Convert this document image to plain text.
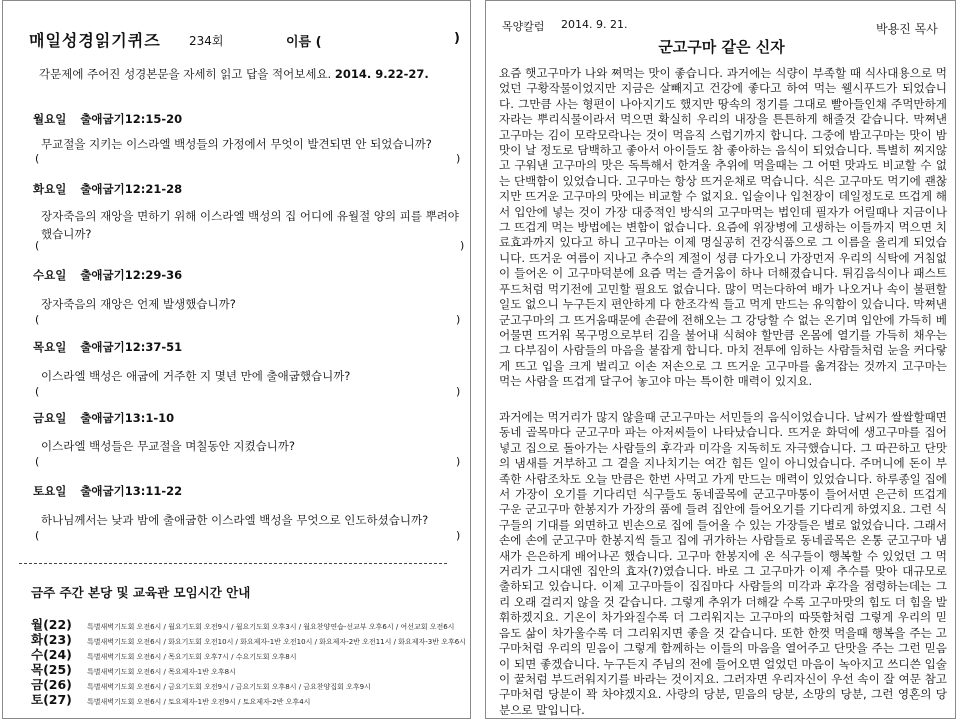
매일성경읽기퀴즈 234회	이름 (	)
각문제에 주어진 성경본문을 자세히 읽고 답을 적어보세요. 2014. 9.22-27.
월요일 출애굽기12:15-20
무교절을 지키는 이스라엘 백성들의 가정에서 무엇이 발견되면 안 되었습니까?
(	)
화요일 출애굽기12:21-28
장자죽음의 재앙을 면하기 위해 이스라엘 백성의 집 어디에 유월절 양의 피를 뿌려야했습니까?
(	)
수요일 출애굽기12:29-36
장자죽음의 재앙은 언제 발생했습니까?
(	)
목요일 출애굽기12:37-51
이스라엘 백성은 애굽에 거주한 지 몇년 만에 출애굽했습니까?
(	)
금요일 출애굽기13:1-10
이스라엘 백성들은 무교절을 며칠동안 지켰습니까?
(	)
토요일 출애굽기13:11-22
하나님께서는 낮과 밤에 출애굽한 이스라엘 백성을 무엇으로 인도하셨습니까?
(	)
금주 주간 본당 및 교육관 모임시간 안내
월(22) 특별새벽기도회 오전6시 / 월요기도회 오전9시 / 월요기도회 오후3시 / 월요찬양연습-선교부 오후6시 / 여선교회 오전6시
화(23) 특별새벽기도회 오전6시 / 화요기도회 오전10시 / 화요제자-1반 오전10시 / 화요제자-2반 오전11시 / 화요제자-3반 오후6시
수(24) 특별새벽기도회 오전6시 / 목요기도회 오후7시 / 수요기도회 오후8시
목(25) 특별새벽기도회 오전6시 / 목요제자-1반 오후8시
금(26) 특별새벽기도회 오전6시 / 금요기도회 오전9시 / 금요기도회 오후8시 / 금요찬양집회 오후9시
토(27) 특별새벽기도회 오전6시 / 토요제자-1반 오전9시 / 토요제자-2반 오후4시
목양칼럼 2014. 9. 21.	박용진 목사
군고구마 같은 신자
요즘 햇고구마가 나와 쪄먹는 맛이 좋습니다. 과거에는 식량이 부족할 때 식사대용으로 먹었던 구황작물이었지만 지금은 살빼지고 건강에 좋다고 하여 먹는 웰시푸드가 되었습니다. 그만큼 사는 형편이 나아지기도 했지만 땅속의 정기를 그대로 빨아들인채 주먹만하게 자라는 뿌리식물이라서 먹으면 확실히 우리의 내장을 튼튼하게 해줄것 같습니다. 막쪄낸 고구마는 김이 모락모락나는 것이 먹음직 스럽기까지 합니다. 그중에 밤고구마는 맛이 밤맛이 날 정도로 담백하고 좋아서 아이들도 참 좋아하는 음식이 되었습니다. 특별히 찌지않고 구워낸 고구마의 맛은 독특해서 한겨울 추위에 먹을때는 그 어떤 맛과도 비교할 수 없는 단백함이 있었습니다. 고구마는 항상 뜨거운채로 먹습니다. 식은 고구마도 먹기에 괜찮지만 뜨거운 고구마의 맛에는 비교할 수 없지요. 입술이나 입천장이 데일정도로 뜨겁게 해서 입안에 넣는 것이 가장 대중적인 방식의 고구마먹는 법인데 필자가 어릴때나 지금이나 그 뜨겁게 먹는 방법에는 변함이 없습니다. 요즘에 위장병에 고생하는 이들까지 먹으면 치료효과까지 있다고 하니 고구마는 이제 명실공히 건강식품으로 그 이름을 올리게 되었습니다. 뜨거운 여름이 지나고 추수의 계절이 성큼 다가오니 가장먼저 우리의 식탁에 거침없이 들어온 이 고구마덕분에 요즘 먹는 즐거움이 하나 더해졌습니다. 튀김음식이나 패스트푸드처럼 먹기전에 고민할 필요도 없습니다. 많이 먹는다하여 배가 나오거나 속이 불편할 일도 없으니 누구든지 편안하게 다 한조각씩 들고 먹게 만드는 유익함이 있습니다. 막쪄낸 군고구마의 그 뜨거움때문에 손끝에 전해오는 그 강당할 수 없는 온기며 입안에 가득히 베어물면 뜨거워 목구멍으로부터 김을 불어내 식혀야 할만큼 온몸에 열기를 가득히 채우는 그 다부짐이 사람들의 마음을 붙잡게 합니다. 마치 전투에 임하는 사람들처럼 눈을 커다랗게 뜨고 입을 크게 벌리고 이손 저손으로 그 뜨거운 고구마를 옮겨잡는 것까지 고구마는 먹는 사람을 뜨겁게 달구어 놓고야 마는 특이한 매력이 있지요.
과거에는 먹거리가 많지 않을때 군고구마는 서민들의 음식이었습니다. 날씨가 쌀쌀할때면 동네 골목마다 군고구마 파는 아저씨들이 나타났습니다. 뜨거운 화덕에 생고구마를 집어넣고 집으로 돌아가는 사람들의 후각과 미각을 지독히도 자극했습니다. 그 따끈하고 단맛의 냄새를 거부하고 그 곁을 지나치기는 여간 힘든 일이 아니었습니다. 주머니에 돈이 부족한 사람조차도 오늘 만큼은 한번 사먹고 가게 만드는 매력이 있었습니다. 하루종일 집에서 가장이 오기를 기다리던 식구들도 동네골목에 군고구마통이 들어서면 은근히 뜨겁게 구운 군고구마 한봉지가 가장의 품에 들려 집안에 들어오기를 기다리게 하였지요. 그런 식구들의 기대를 외면하고 빈손으로 집에 들어올 수 있는 가장들은 별로 없었습니다. 그래서 손에 손에 군고구마 한봉지씩 들고 집에 귀가하는 사람들로 동네골목은 온통 군고구마 냄새가 은은하게 배어나곤 했습니다. 고구마 한봉지에 온 식구들이 행복할 수 있었던 그 먹거리가 그시대엔 집안의 효자(?)였습니다. 바로 그 고구마가 이제 추수를 맞아 대규모로 출하되고 있습니다. 이제 고구마들이 집집마다 사람들의 미각과 후각을 점령하는데는 그리 오래 걸리지 않을 것 같습니다. 그렇게 추위가 더해갈 수록 고구마맛의 힘도 더 힘을 발휘하겠지요. 기온이 차가와질수록 더 그리워지는 고구마의 따뜻함처럼 그렇게 우리의 믿음도 삶이 차가울수록 더 그리워지면 좋을 것 같습니다. 또한 한껏 먹을때 행복을 주는 고구마처럼 우리의 믿음이 그렇게 함께하는 이들의 마음을 열어주고 단맛을 주는 그런 믿음이 되면 좋겠습니다. 누구든지 주님의 전에 들어오면 얼었던 마음이 녹아지고 쓰디쓴 입술이 꿀처럼 부드러워지기를 바라는 것이지요. 그러자면 우리자신이 우선 속이 잘 여문 참고구마처럼 당분이 꽉 차야겠지요. 사랑의 당분, 믿음의 당분, 소망의 당분, 그런 영혼의 당분으로 말입니다.
